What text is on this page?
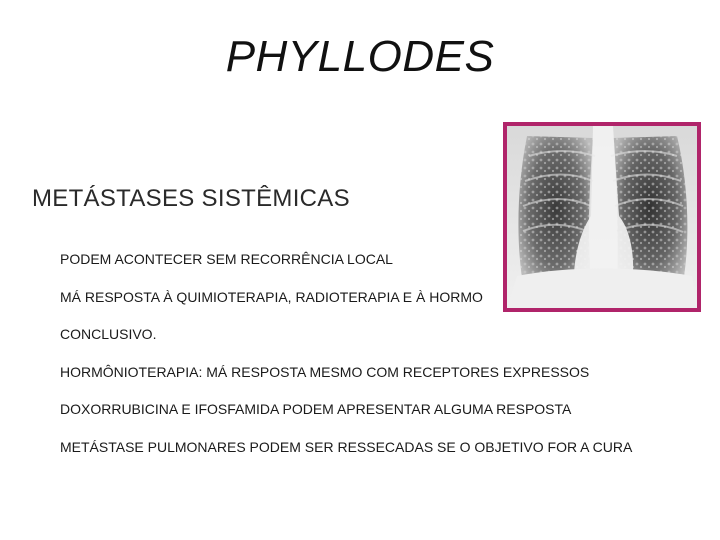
PHYLLODES
METÁSTASES SISTÊMICAS
PODEM ACONTECER SEM RECORRÊNCIA LOCAL
MÁ RESPOSTA À QUIMIOTERAPIA, RADIOTERAPIA E À HORMO
CONCLUSIVO.
HORMÔNIOTERAPIA: MÁ RESPOSTA MESMO COM RECEPTORES EXPRESSOS
DOXORRUBICINA E IFOSFAMIDA PODEM APRESENTAR ALGUMA RESPOSTA
METÁSTASE PULMONARES PODEM SER RESSECADAS SE O OBJETIVO FOR A CURA
